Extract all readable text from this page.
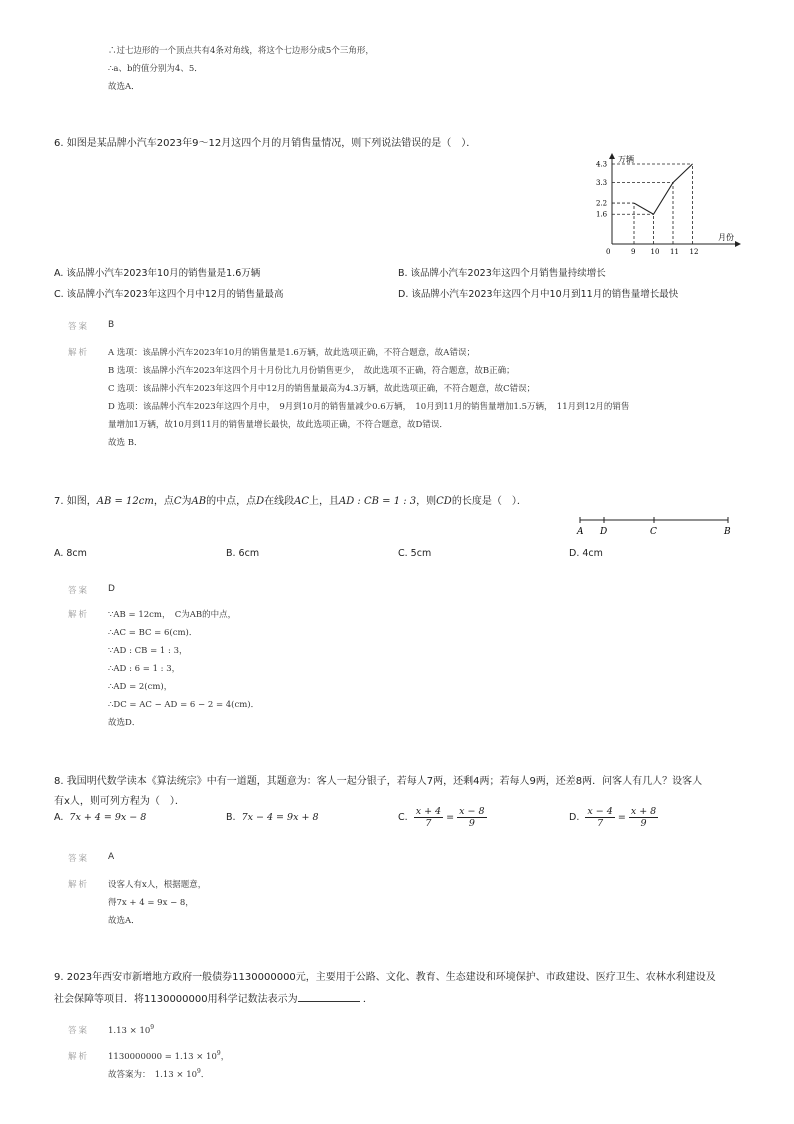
∴过七边形的一个顶点共有4条对角线，将这个七边形分成5个三角形，
∴a、b的值分别为4、5．
故选A．
6. 如图是某品牌小汽车2023年9～12月这四个月的月销售量情况，则下列说法错误的是（　）．
9 10 11 12
1.6
2.2
3.3
4.3
万辆
月份
0
A. 该品牌小汽车2023年10月的销售量是1.6万辆	B. 该品牌小汽车2023年这四个月销售量持续增长
C. 该品牌小汽车2023年这四个月中12月的销售量最高	D. 该品牌小汽车2023年这四个月中10月到11月的销售量增长最快
答案 B
解析 A 选项：该品牌小汽车2023年10月的销售量是1.6万辆，故此选项正确，不符合题意，故A错误；
B 选项：该品牌小汽车2023年这四个月十月份比九月份销售更少，　故此选项不正确，符合题意，故B正确；
C 选项：该品牌小汽车2023年这四个月中12月的销售量最高为4.3万辆，故此选项正确，不符合题意，故C错误；
D 选项：该品牌小汽车2023年这四个月中，　9月到10月的销售量减少0.6万辆，　10月到11月的销售量增加1.5万辆，　11月到12月的销售
量增加1万辆，故10月到11月的销售量增长最快，故此选项正确，不符合题意，故D错误．
故选 B．
7. 如图，AB = 12cm，点C为AB的中点，点D在线段AC上，且AD : CB = 1 : 3，则CD的长度是（　）．
A D	C	B
A. 8cm	B. 6cm	C. 5cm	D. 4cm
答案 D
解析 ∵AB = 12cm，　C为AB的中点，
∴AC = BC = 6(cm)．
∵AD : CB = 1 : 3，
∴AD : 6 = 1 : 3，
∴AD = 2(cm)，
∴DC = AC − AD = 6 − 2 = 4(cm)．
故选D．
8. 我国明代数学读本《算法统宗》中有一道题，其题意为：客人一起分银子，若每人7两，还剩4两；若每人9两，还差8两．问客人有几人？设客人
有x人，则可列方程为（　）．
A. 7x + 4 = 9x − 8	B. 7x − 4 = 9x + 8	C. $\frac{x + 4}{7} = \frac{x - 8}{9}$	D. $\frac{x - 4}{7} = \frac{x + 8}{9}$
答案 A
解析 设客人有x人，根据题意，
得7x + 4 = 9x − 8，
故选A．
9. 2023年西安市新增地方政府一般债券1130000000元，主要用于公路、文化、教育、生态建设和环境保护、市政建设、医疗卫生、农林水利建设及
社会保障等项目．将1130000000用科学记数法表示为	．
答案 $1.13 \times 10^9$
解析 $1130000000 = 1.13 \times 10^9$，
故答案为：　$1.13 \times 10^9$．
